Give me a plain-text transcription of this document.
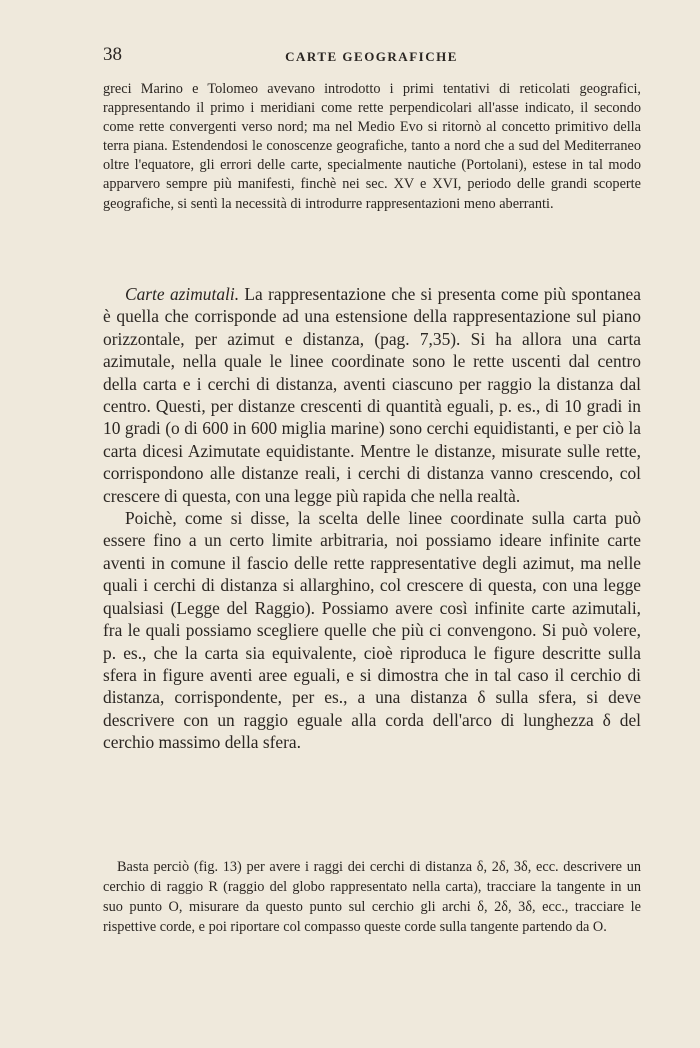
38	CARTE GEOGRAFICHE

greci Marino e Tolomeo avevano introdotto i primi tentativi di reticolati geografici, rappresentando il primo i meridiani come rette perpendicolari all'asse indicato, il secondo come rette convergenti verso nord; ma nel Medio Evo si ritornò al concetto primitivo della terra piana. Estendendosi le conoscenze geografiche, tanto a nord che a sud del Mediterraneo oltre l'equatore, gli errori delle carte, specialmente nautiche (Portolani), estese in tal modo apparvero sempre più manifesti, finchè nei sec. XV e XVI, periodo delle grandi scoperte geografiche, si sentì la necessità di introdurre rappresentazioni meno aberranti.

Carte azimutali. La rappresentazione che si presenta come più spontanea è quella che corrisponde ad una estensione della rappresentazione sul piano orizzontale, per azimut e distanza, (pag. 7,35). Si ha allora una carta azimutale, nella quale le linee coordinate sono le rette uscenti dal centro della carta e i cerchi di distanza, aventi ciascuno per raggio la distanza dal centro. Questi, per distanze crescenti di quantità eguali, p. es., di 10 gradi in 10 gradi (o di 600 in 600 miglia marine) sono cerchi equidistanti, e per ciò la carta dicesi Azimutate equidistante. Mentre le distanze, misurate sulle rette, corrispondono alle distanze reali, i cerchi di distanza vanno crescendo, col crescere di questa, con una legge più rapida che nella realtà.

Poichè, come si disse, la scelta delle linee coordinate sulla carta può essere fino a un certo limite arbitraria, noi possiamo ideare infinite carte aventi in comune il fascio delle rette rappresentative degli azimut, ma nelle quali i cerchi di distanza si allarghino, col crescere di questa, con una legge qualsiasi (Legge del Raggio). Possiamo avere così infinite carte azimutali, fra le quali possiamo scegliere quelle che più ci convengono. Si può volere, p. es., che la carta sia equivalente, cioè riproduca le figure descritte sulla sfera in figure aventi aree eguali, e si dimostra che in tal caso il cerchio di distanza, corrispondente, per es., a una distanza δ sulla sfera, si deve descrivere con un raggio eguale alla corda dell'arco di lunghezza δ del cerchio massimo della sfera.

Basta perciò (fig. 13) per avere i raggi dei cerchi di distanza δ, 2δ, 3δ, ecc. descrivere un cerchio di raggio R (raggio del globo rappresentato nella carta), tracciare la tangente in un suo punto O, misurare da questo punto sul cerchio gli archi δ, 2δ, 3δ, ecc., tracciare le rispettive corde, e poi riportare col compasso queste corde sulla tangente partendo da O.
